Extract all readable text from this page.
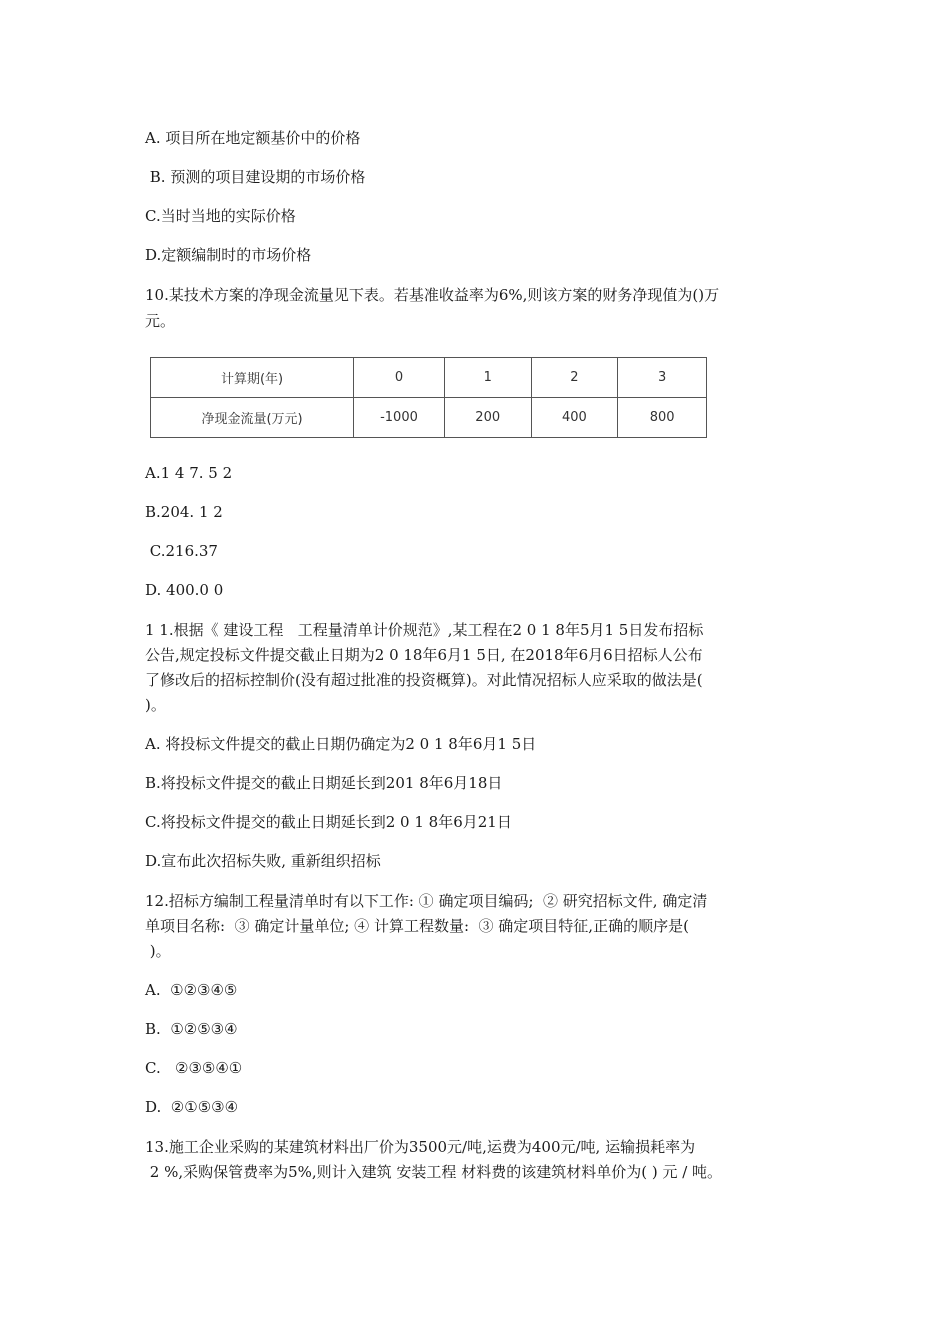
A. 项目所在地定额基价中的价格
B. 预测的项目建设期的市场价格
C.当时当地的实际价格
D.定额编制时的市场价格
10.某技术方案的净现金流量见下表。若基准收益率为6%,则该方案的财务净现值为()万
元。
计算期(年)	0	1	2	3
净现金流量(万元)	-1000	200	400	800
A.1 4 7. 5 2
B.204. 1 2
C.216.37
D. 400.0 0
1 1.根据《 建设工程   工程量清单计价规范》,某工程在2 0 1 8年5月1 5日发布招标
公告,规定投标文件提交截止日期为2 0 18年6月1 5日, 在2018年6月6日招标人公布
了修改后的招标控制价(没有超过批准的投资概算)。对此情况招标人应采取的做法是(
)。
A. 将投标文件提交的截止日期仍确定为2 0 1 8年6月1 5日
B.将投标文件提交的截止日期延长到201 8年6月18日
C.将投标文件提交的截止日期延长到2 0 1 8年6月21日
D.宣布此次招标失败, 重新组织招标
12.招标方编制工程量清单时有以下工作: ① 确定项目编码;  ② 研究招标文件, 确定清
单项目名称:  ③ 确定计量单位; ④ 计算工程数量:  ③ 确定项目特征,正确的顺序是(
)。
A.  ①②③④⑤
B.  ①②⑤③④
C.   ②③⑤④①
D.  ②①⑤③④
13.施工企业采购的某建筑材料出厂价为3500元/吨,运费为400元/吨, 运输损耗率为
2 %,采购保管费率为5%,则计入建筑 安装工程 材料费的该建筑材料单价为( ) 元 / 吨。
